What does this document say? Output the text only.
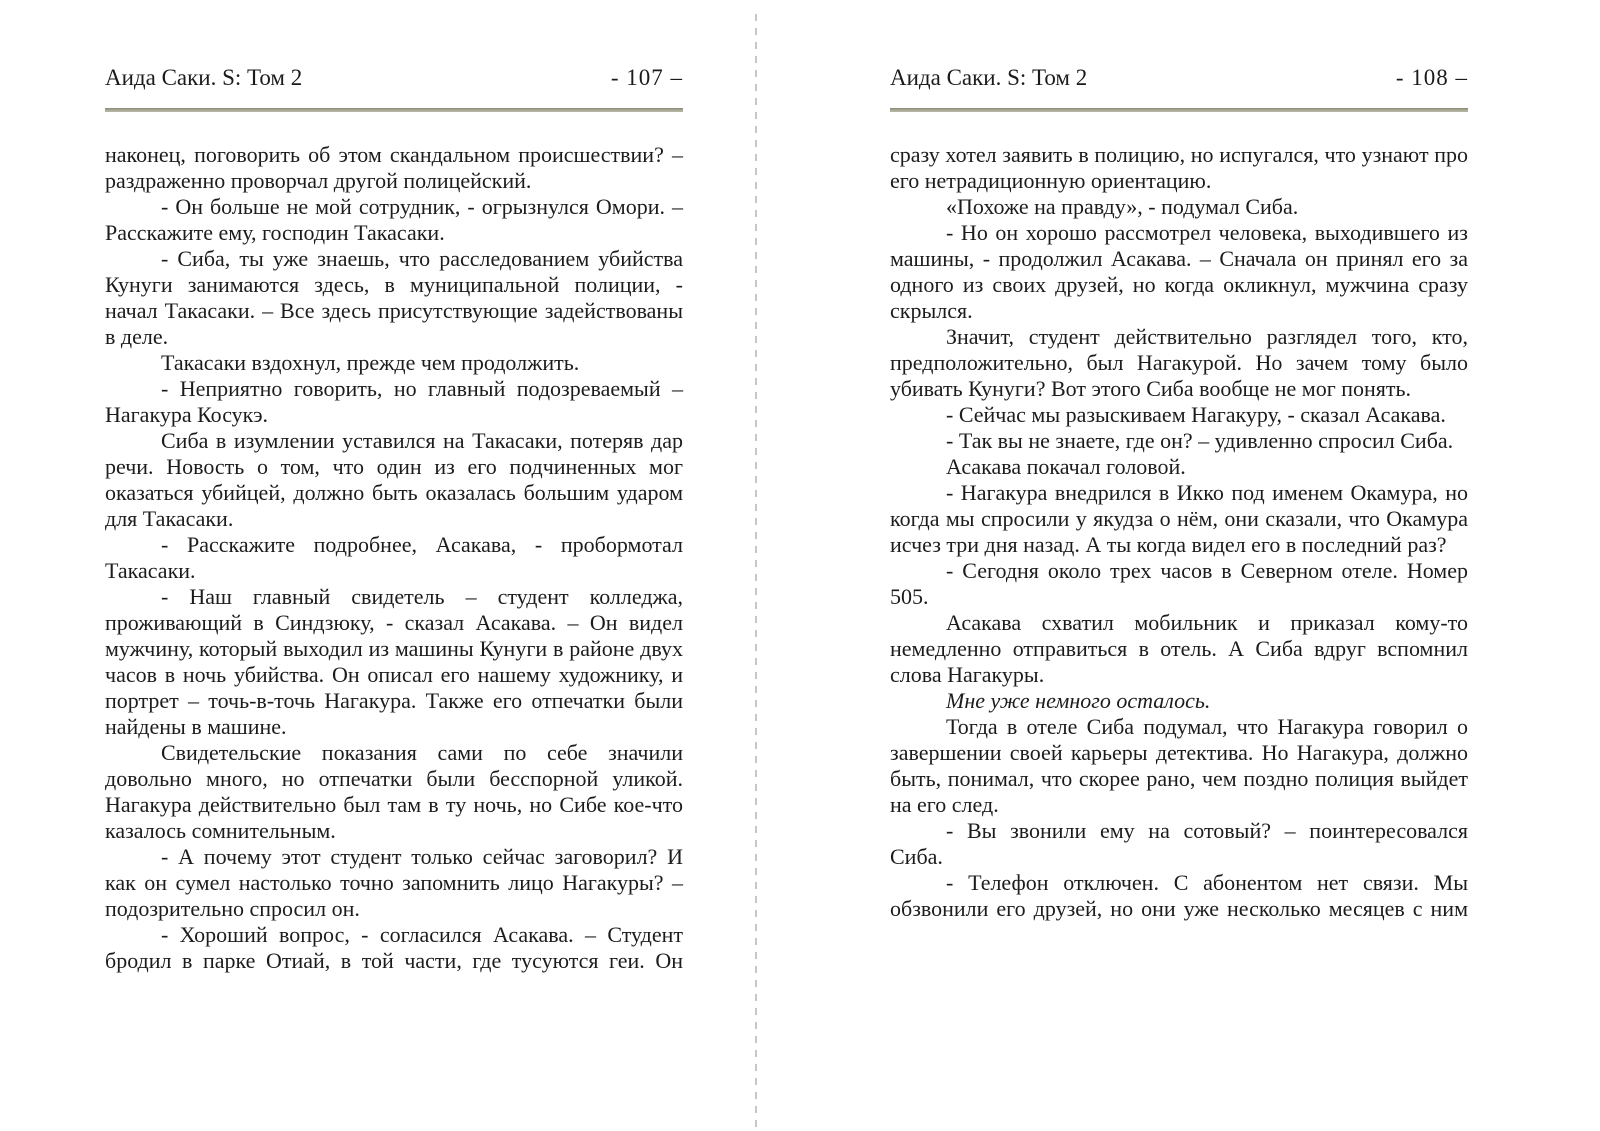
Аида Саки. S: Том 2	- 107 –

наконец, поговорить об этом скандальном происшествии? – раздраженно проворчал другой полицейский.

- Он больше не мой сотрудник, - огрызнулся Омори. – Расскажите ему, господин Такасаки.

- Сиба, ты уже знаешь, что расследованием убийства Кунуги занимаются здесь, в муниципальной полиции, - начал Такасаки. – Все здесь присутствующие задействованы в деле.

Такасаки вздохнул, прежде чем продолжить.

- Неприятно говорить, но главный подозреваемый – Нагакура Косукэ.

Сиба в изумлении уставился на Такасаки, потеряв дар речи. Новость о том, что один из его подчиненных мог оказаться убийцей, должно быть оказалась большим ударом для Такасаки.

- Расскажите подробнее, Асакава, - пробормотал Такасаки.

- Наш главный свидетель – студент колледжа, проживающий в Синдзюку, - сказал Асакава. – Он видел мужчину, который выходил из машины Кунуги в районе двух часов в ночь убийства. Он описал его нашему художнику, и портрет – точь-в-точь Нагакура. Также его отпечатки были найдены в машине.

Свидетельские показания сами по себе значили довольно много, но отпечатки были бесспорной уликой. Нагакура действительно был там в ту ночь, но Сибе кое-что казалось сомнительным.

- А почему этот студент только сейчас заговорил? И как он сумел настолько точно запомнить лицо Нагакуры? – подозрительно спросил он.

- Хороший вопрос, - согласился Асакава. – Студент бродил в парке Отиай, в той части, где тусуются геи. Он

Аида Саки. S: Том 2	- 108 –

сразу хотел заявить в полицию, но испугался, что узнают про его нетрадиционную ориентацию.

«Похоже на правду», - подумал Сиба.

- Но он хорошо рассмотрел человека, выходившего из машины, - продолжил Асакава. – Сначала он принял его за одного из своих друзей, но когда окликнул, мужчина сразу скрылся.

Значит, студент действительно разглядел того, кто, предположительно, был Нагакурой. Но зачем тому было убивать Кунуги? Вот этого Сиба вообще не мог понять.

- Сейчас мы разыскиваем Нагакуру, - сказал Асакава.

- Так вы не знаете, где он? – удивленно спросил Сиба.

Асакава покачал головой.

- Нагакура внедрился в Икко под именем Окамура, но когда мы спросили у якудза о нём, они сказали, что Окамура исчез три дня назад. А ты когда видел его в последний раз?

- Сегодня около трех часов в Северном отеле. Номер 505.

Асакава схватил мобильник и приказал кому-то немедленно отправиться в отель. А Сиба вдруг вспомнил слова Нагакуры.

Мне уже немного осталось.

Тогда в отеле Сиба подумал, что Нагакура говорил о завершении своей карьеры детектива. Но Нагакура, должно быть, понимал, что скорее рано, чем поздно полиция выйдет на его след.

- Вы звонили ему на сотовый? – поинтересовался Сиба.

- Телефон отключен. С абонентом нет связи. Мы обзвонили его друзей, но они уже несколько месяцев с ним
